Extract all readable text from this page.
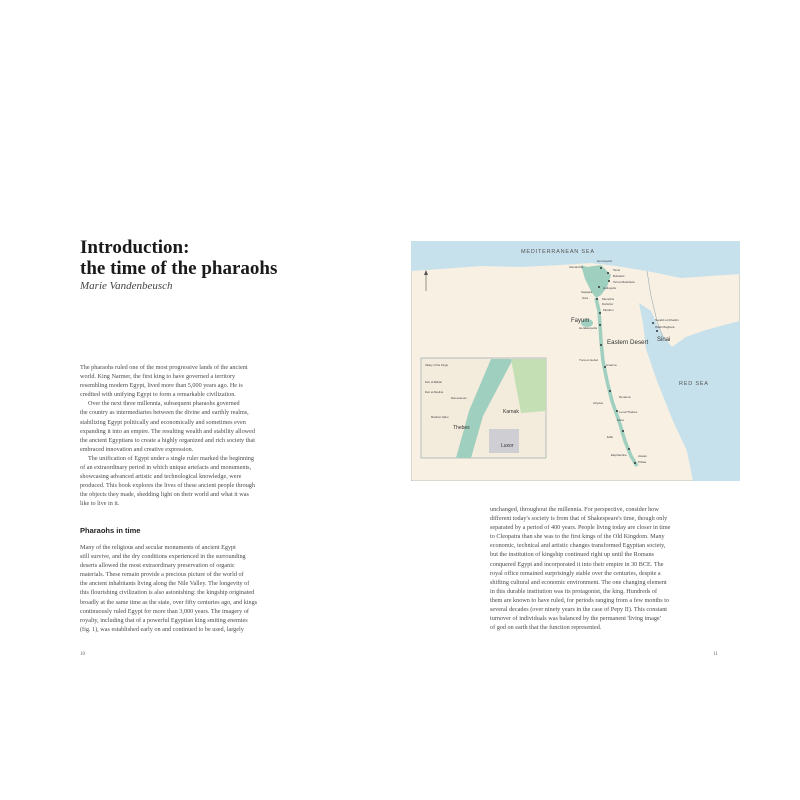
Introduction:
the time of the pharaohs
Marie Vandenbeusch

The pharaohs ruled one of the most progressive lands of the ancient

world. King Narmer, the first king to have governed a territory

resembling modern Egypt, lived more than 5,000 years ago. He is

credited with unifying Egypt to form a remarkable civilization.

Over the next three millennia, subsequent pharaohs governed

the country as intermediaries between the divine and earthly realms,

stabilizing Egypt politically and economically and sometimes even

expanding it into an empire. The resulting wealth and stability allowed

the ancient Egyptians to create a highly organized and rich society that

embraced innovation and creative expression.

The unification of Egypt under a single ruler marked the beginning

of an extraordinary period in which unique artefacts and monuments,

showcasing advanced artistic and technological knowledge, were

produced. This book explores the lives of these ancient people through

the objects they made, shedding light on their world and what it was

like to live in it.

Pharaohs in time

Many of the religious and secular monuments of ancient Egypt

still survive, and the dry conditions experienced in the surrounding

deserts allowed the most extraordinary preservation of organic

materials. These remain provide a precious picture of the world of

the ancient inhabitants living along the Nile Valley. The longevity of

this flourishing civilization is also astonishing: the kingship originated

broadly at the same time as the state, over fifty centuries ago, and kings

continuously ruled Egypt for more than 3,000 years. The imagery of

royalty, including that of a powerful Egyptian king smiting enemies

(fig. 1), was established early on and continued to be used, largely

10
MEDITERRANEAN SEA
RED SEA
Fayum
Eastern Desert Sinai
Alexandria
Hermopolis
Tanis
Bubastis
Tell el-Maskhuta
Heliopolis
Saqqara
Giza	Memphis
Dahshur
Meidum
Herakleopolis
Tuna el-Gebel
Amarna
Abydos
Dendera
Luxor/Thebes
Esna
Edfu
Elephantine	Aswan
Philae
Serabit el-Khadim
Wadi Maghara
Thebes
Karnak
Luxor
Valley of the Kings
Deir el-Bahari
Deir el-Medina
Ramesseum
Medinet Habu

unchanged, throughout the millennia. For perspective, consider how

different today's society is from that of Shakespeare's time, though only

separated by a period of 400 years. People living today are closer in time

to Cleopatra than she was to the first kings of the Old Kingdom. Many

economic, technical and artistic changes transformed Egyptian society,

but the institution of kingship continued right up until the Romans

conquered Egypt and incorporated it into their empire in 30 BCE. The

royal office remained surprisingly stable over the centuries, despite a

shifting cultural and economic environment. The one changing element

in this durable institution was its protagonist, the king. Hundreds of

them are known to have ruled, for periods ranging from a few months to

several decades (over ninety years in the case of Pepy II). This constant

turnover of individuals was balanced by the permanent 'living image'

of god on earth that the function represented.

11
